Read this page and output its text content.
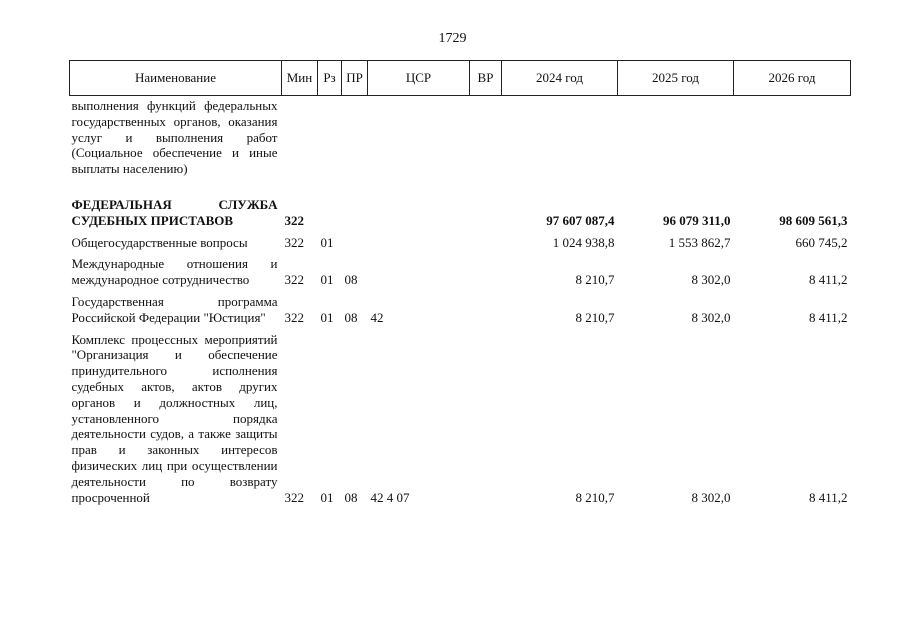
1729
Наименование	Мин	Рз	ПР	ЦСР	ВР	2024 год	2025 год	2026 год
выполнения функций федеральных государственных органов, оказания услуг и выполнения работ (Социальное обеспечение и иные выплаты населению)								

ФЕДЕРАЛЬНАЯ СЛУЖБА СУДЕБНЫХ ПРИСТАВОВ	322					97 607 087,4	96 079 311,0	98 609 561,3
Общегосударственные вопросы	322	01				1 024 938,8	1 553 862,7	660 745,2
Международные отношения и международное сотрудничество	322	01	08			8 210,7	8 302,0	8 411,2
Государственная программа Российской Федерации "Юстиция"	322	01	08	42		8 210,7	8 302,0	8 411,2
Комплекс процессных мероприятий "Организация и обеспечение принудительного исполнения судебных актов, актов других органов и должностных лиц, установленного порядка деятельности судов, а также защиты прав и законных интересов физических лиц при осуществлении деятельности по возврату просроченной	322	01	08	42 4 07		8 210,7	8 302,0	8 411,2
